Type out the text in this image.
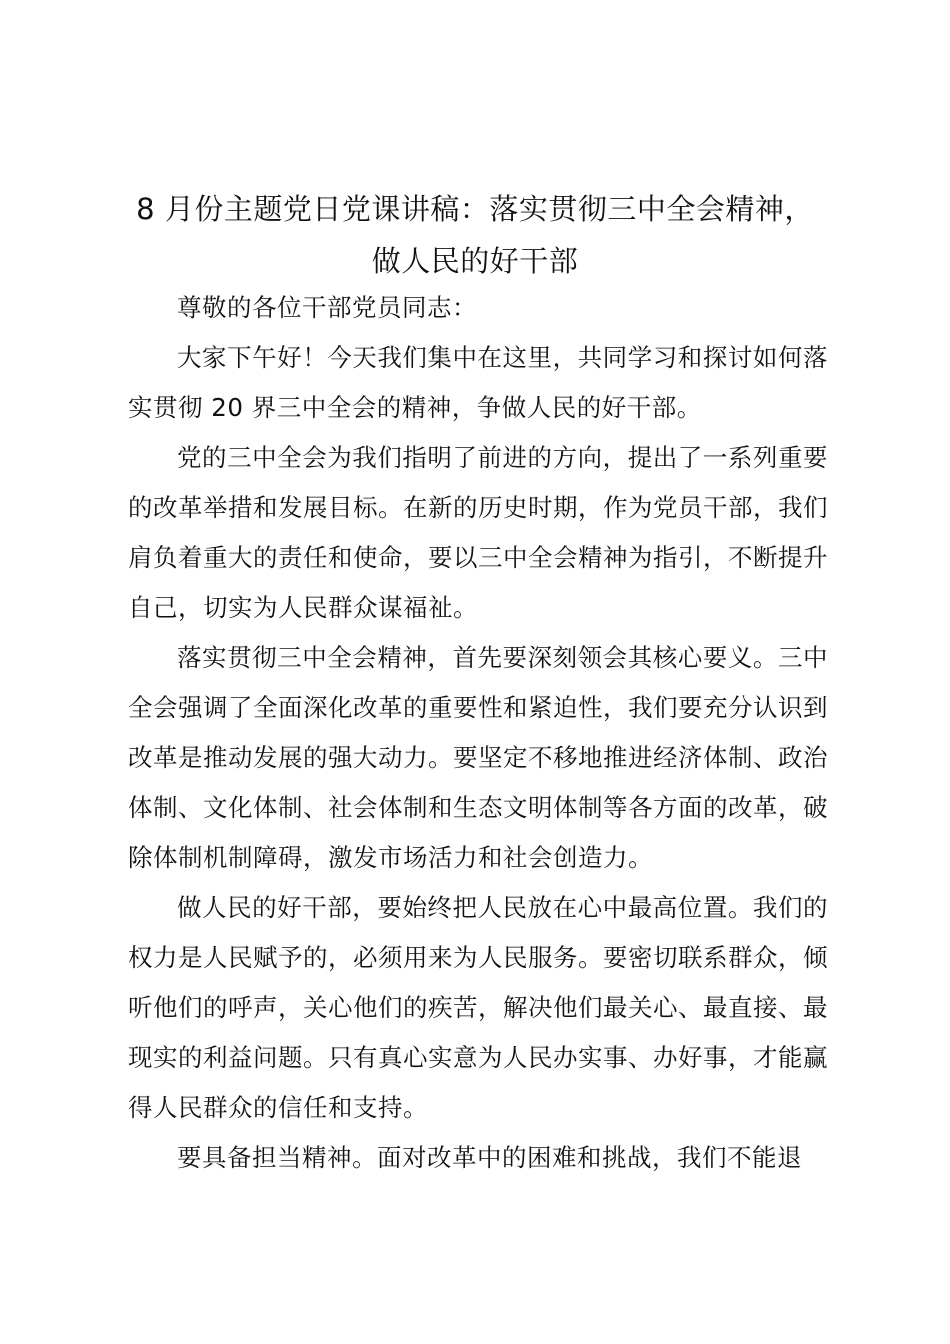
8 月份主题党日党课讲稿：落实贯彻三中全会精神，做人民的好干部

尊敬的各位干部党员同志：

大家下午好！今天我们集中在这里，共同学习和探讨如何落实贯彻 20 界三中全会的精神，争做人民的好干部。

党的三中全会为我们指明了前进的方向，提出了一系列重要的改革举措和发展目标。在新的历史时期，作为党员干部，我们肩负着重大的责任和使命，要以三中全会精神为指引，不断提升自己，切实为人民群众谋福祉。

落实贯彻三中全会精神，首先要深刻领会其核心要义。三中全会强调了全面深化改革的重要性和紧迫性，我们要充分认识到改革是推动发展的强大动力。要坚定不移地推进经济体制、政治体制、文化体制、社会体制和生态文明体制等各方面的改革，破除体制机制障碍，激发市场活力和社会创造力。

做人民的好干部，要始终把人民放在心中最高位置。我们的权力是人民赋予的，必须用来为人民服务。要密切联系群众，倾听他们的呼声，关心他们的疾苦，解决他们最关心、最直接、最现实的利益问题。只有真心实意为人民办实事、办好事，才能赢得人民群众的信任和支持。

要具备担当精神。面对改革中的困难和挑战，我们不能退
